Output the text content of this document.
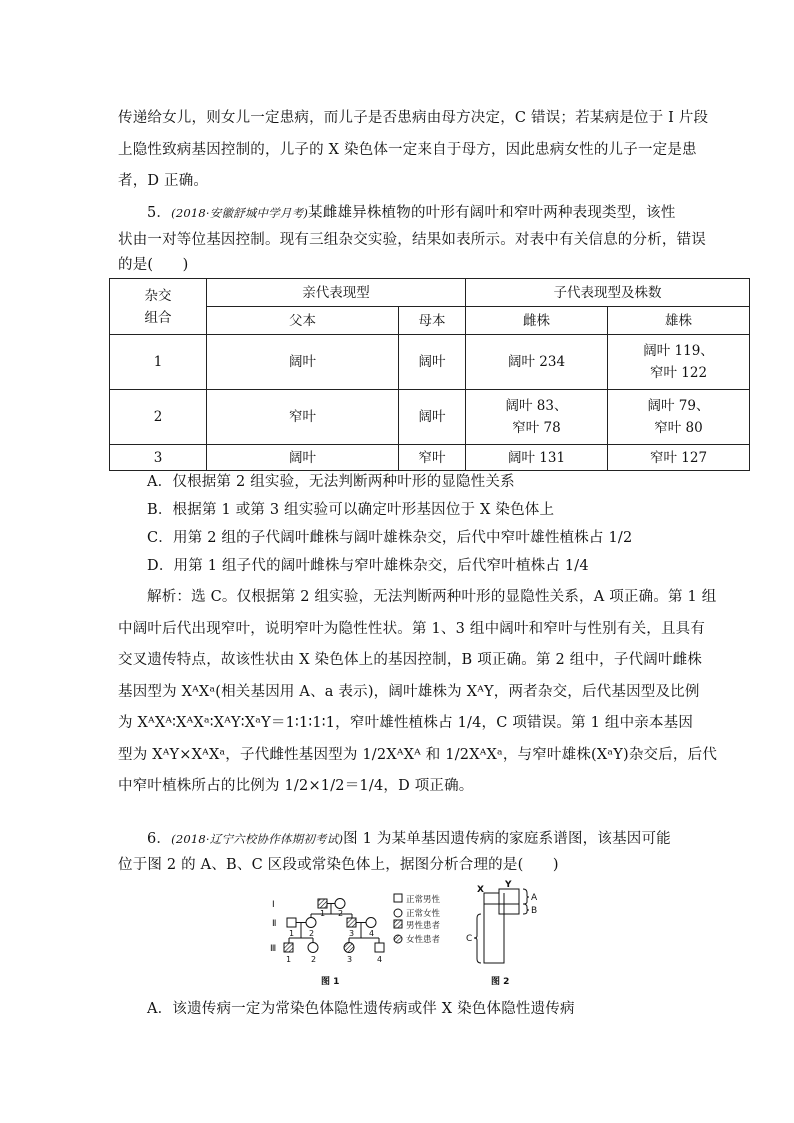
传递给女儿，则女儿一定患病，而儿子是否患病由母方决定，C 错误；若某病是位于 I 片段
上隐性致病基因控制的，儿子的 X 染色体一定来自于母方，因此患病女性的儿子一定是患
者，D 正确。
5．(2018·安徽舒城中学月考)某雌雄异株植物的叶形有阔叶和窄叶两种表现类型，该性
状由一对等位基因控制。现有三组杂交实验，结果如表所示。对表中有关信息的分析，错误
的是(　　)
杂交
组合	亲代表现型		子代表现型及株数	
	父本	母本	雌株	雄株
1	阔叶	阔叶	阔叶 234	阔叶 119、
窄叶 122

2	窄叶	阔叶	阔叶 83、
窄叶 78	阔叶 79、
窄叶 80

3	阔叶	窄叶	阔叶 131	窄叶 127
A．仅根据第 2 组实验，无法判断两种叶形的显隐性关系
B．根据第 1 或第 3 组实验可以确定叶形基因位于 X 染色体上
C．用第 2 组的子代阔叶雌株与阔叶雄株杂交，后代中窄叶雄性植株占 1/2
D．用第 1 组子代的阔叶雌株与窄叶雄株杂交，后代窄叶植株占 1/4
解析：选 C。仅根据第 2 组实验，无法判断两种叶形的显隐性关系，A 项正确。第 1 组
中阔叶后代出现窄叶，说明窄叶为隐性性状。第 1、3 组中阔叶和窄叶与性别有关，且具有
交叉遗传特点，故该性状由 X 染色体上的基因控制，B 项正确。第 2 组中，子代阔叶雌株
基因型为 XᴬXᵃ(相关基因用 A、a 表示)，阔叶雄株为 XᴬY，两者杂交，后代基因型及比例
为 XᴬXᴬ∶XᴬXᵃ∶XᴬY∶XᵃY＝1∶1∶1∶1，窄叶雄性植株占 1/4，C 项错误。第 1 组中亲本基因
型为 XᴬY×XᴬXᵃ，子代雌性基因型为 1/2XᴬXᴬ 和 1/2XᴬXᵃ，与窄叶雄株(XᵃY)杂交后，后代
中窄叶植株所占的比例为 1/2×1/2＝1/4，D 项正确。
6．(2018·辽宁六校协作体期初考试)图 1 为某单基因遗传病的家庭系谱图，该基因可能
位于图 2 的 A、B、C 区段或常染色体上，据图分析合理的是(　　)
Ⅰ
Ⅱ
Ⅲ
1 2
1 2	3 4
1 2	3	4
正常男性
正常女性
男性患者
女性患者
图 1
X Y
A
B
C
图 2
A．该遗传病一定为常染色体隐性遗传病或伴 X 染色体隐性遗传病
